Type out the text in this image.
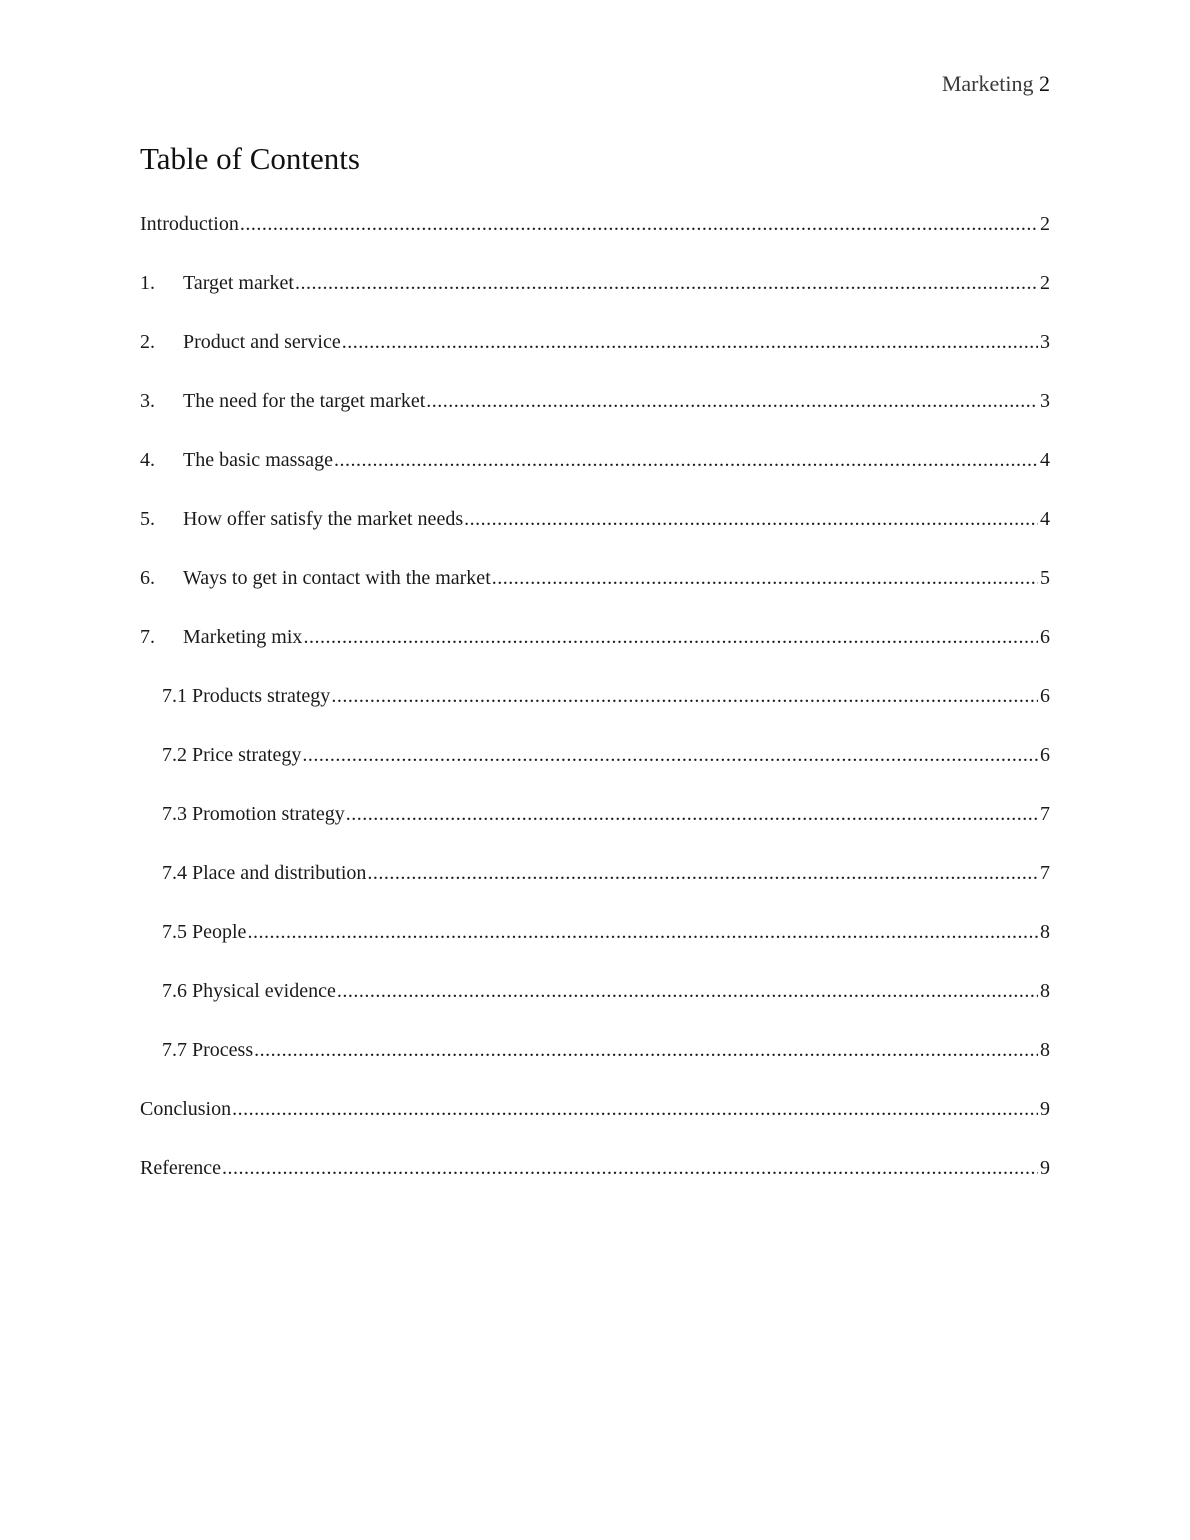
Marketing 2
Table of Contents
Introduction .....	2
1.	Target market .....	2
2.	Product and service .....	3
3.	The need for the target market .....	3
4.	The basic massage .....	4
5.	How offer satisfy the market needs .....	4
6.	Ways to get in contact with the market .....	5
7.	Marketing mix .....	6
7.1 Products strategy .....	6
7.2 Price strategy .....	6
7.3 Promotion strategy .....	7
7.4 Place and distribution .....	7
7.5 People .....	8
7.6 Physical evidence .....	8
7.7 Process .....	8
Conclusion .....	9
Reference .....	9
